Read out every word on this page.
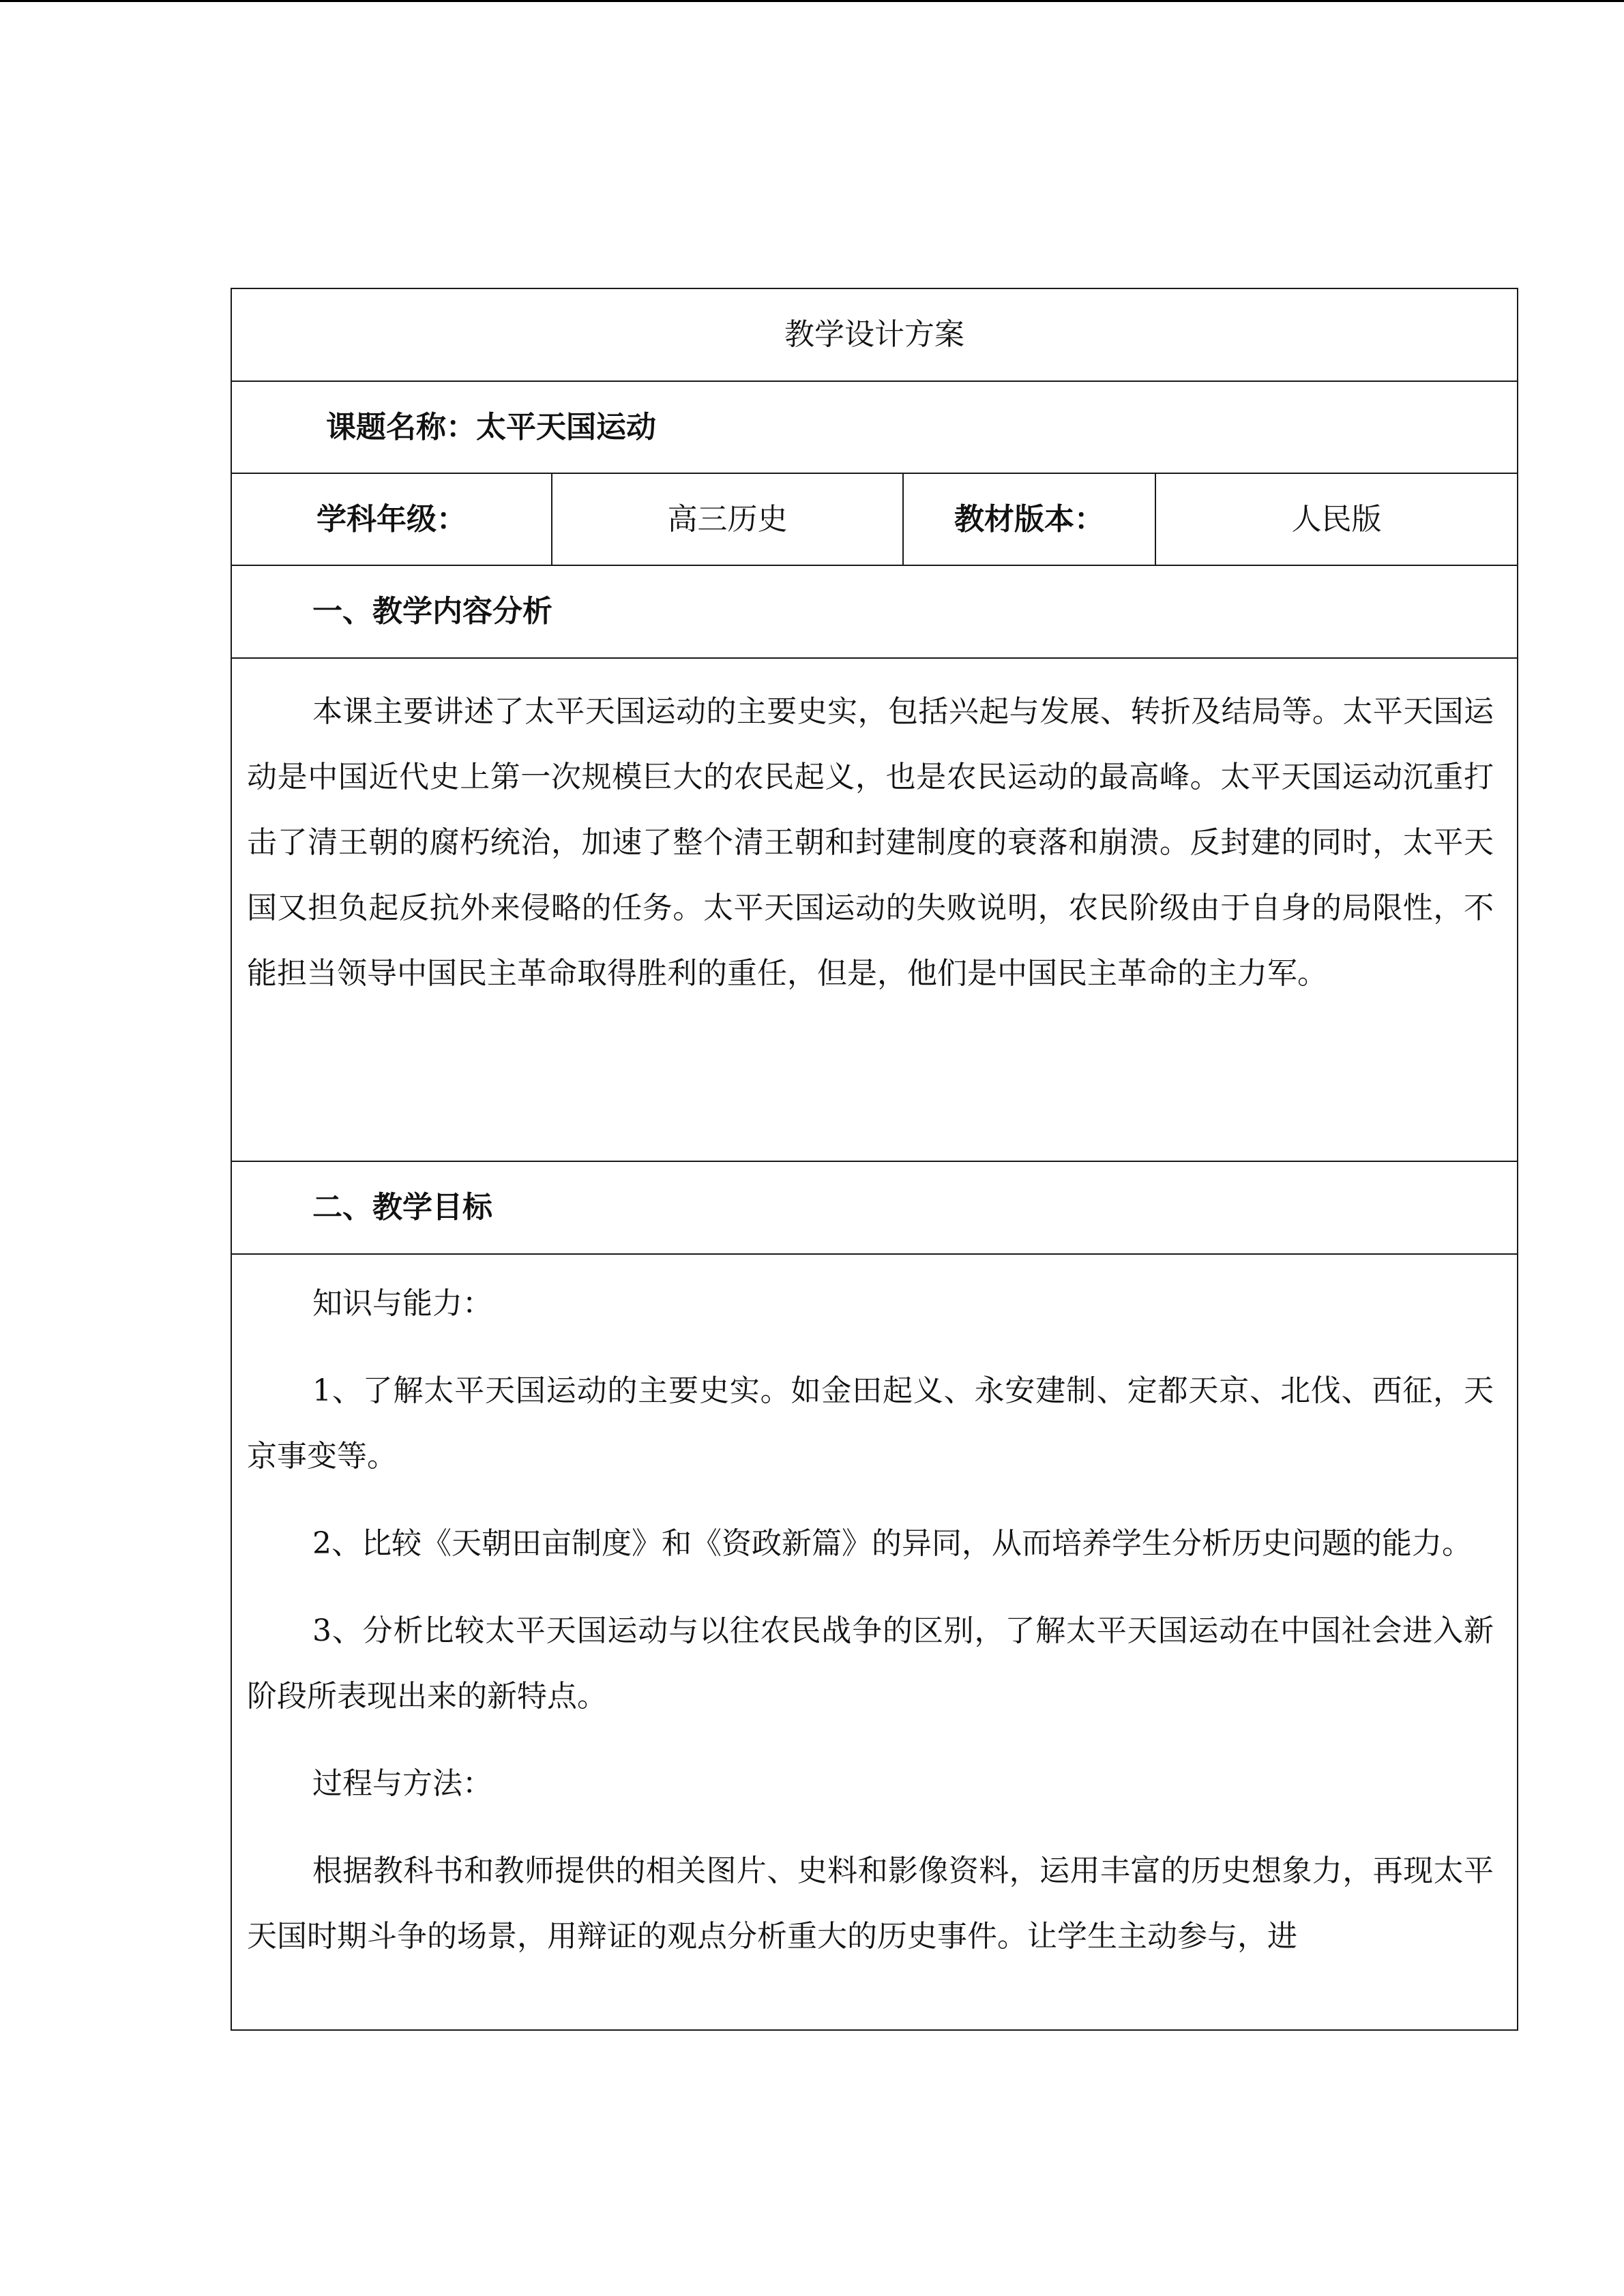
教学设计方案
课题名称：太平天国运动
学科年级：	高三历史	教材版本：	人民版
一、教学内容分析

本课主要讲述了太平天国运动的主要史实，包括兴起与发展、转折及结局等。太平天国运动是中国近代史上第一次规模巨大的农民起义，也是农民运动的最高峰。太平天国运动沉重打击了清王朝的腐朽统治，加速了整个清王朝和封建制度的衰落和崩溃。反封建的同时，太平天国又担负起反抗外来侵略的任务。太平天国运动的失败说明，农民阶级由于自身的局限性，不能担当领导中国民主革命取得胜利的重任，但是，他们是中国民主革命的主力军。

二、教学目标

知识与能力：

1、了解太平天国运动的主要史实。如金田起义、永安建制、定都天京、北伐、西征，天京事变等。

2、比较《天朝田亩制度》和《资政新篇》的异同，从而培养学生分析历史问题的能力。

3、分析比较太平天国运动与以往农民战争的区别，了解太平天国运动在中国社会进入新阶段所表现出来的新特点。

过程与方法：

根据教科书和教师提供的相关图片、史料和影像资料，运用丰富的历史想象力，再现太平天国时期斗争的场景，用辩证的观点分析重大的历史事件。让学生主动参与，进
